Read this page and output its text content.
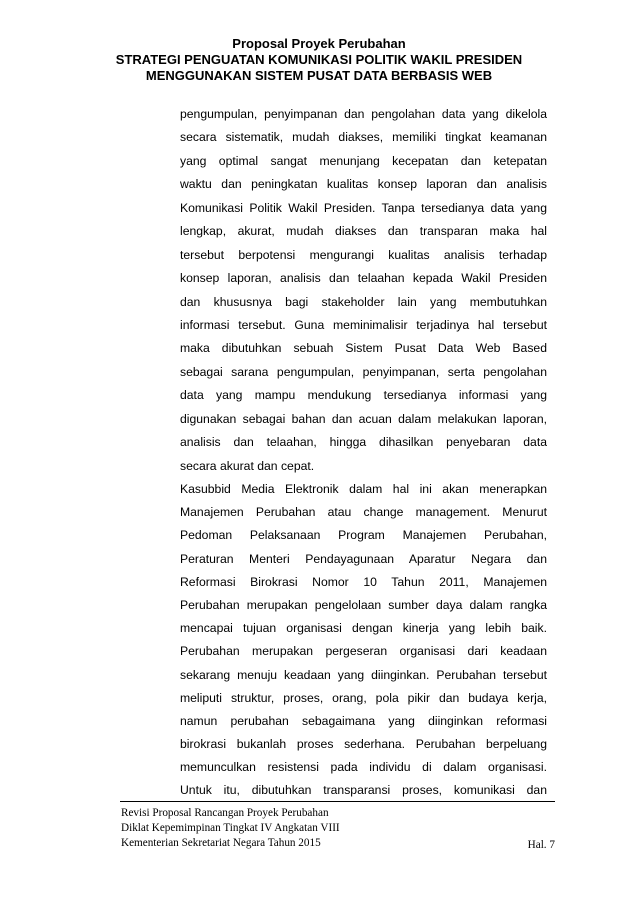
Proposal Proyek Perubahan
STRATEGI PENGUATAN KOMUNIKASI POLITIK WAKIL PRESIDEN
MENGGUNAKAN SISTEM PUSAT DATA BERBASIS WEB
pengumpulan, penyimpanan dan pengolahan data yang dikelola
secara sistematik, mudah diakses, memiliki tingkat keamanan
yang optimal sangat menunjang kecepatan dan ketepatan
waktu dan peningkatan kualitas konsep laporan dan analisis
Komunikasi Politik Wakil Presiden. Tanpa tersedianya data yang
lengkap, akurat, mudah diakses dan transparan maka hal
tersebut berpotensi mengurangi kualitas analisis terhadap
konsep laporan, analisis dan telaahan kepada Wakil Presiden
dan khususnya bagi stakeholder lain yang membutuhkan
informasi tersebut. Guna meminimalisir terjadinya hal tersebut
maka dibutuhkan sebuah Sistem Pusat Data Web Based
sebagai sarana pengumpulan, penyimpanan, serta pengolahan
data yang mampu mendukung tersedianya informasi yang
digunakan sebagai bahan dan acuan dalam melakukan laporan,
analisis dan telaahan, hingga dihasilkan penyebaran data
secara akurat dan cepat.
Kasubbid Media Elektronik dalam hal ini akan menerapkan
Manajemen Perubahan atau change management. Menurut
Pedoman Pelaksanaan Program Manajemen Perubahan,
Peraturan Menteri Pendayagunaan Aparatur Negara dan
Reformasi Birokrasi Nomor 10 Tahun 2011, Manajemen
Perubahan merupakan pengelolaan sumber daya dalam rangka
mencapai tujuan organisasi dengan kinerja yang lebih baik.
Perubahan merupakan pergeseran organisasi dari keadaan
sekarang menuju keadaan yang diinginkan. Perubahan tersebut
meliputi struktur, proses, orang, pola pikir dan budaya kerja,
namun perubahan sebagaimana yang diinginkan reformasi
birokrasi bukanlah proses sederhana. Perubahan berpeluang
memunculkan resistensi pada individu di dalam organisasi.
Untuk itu, dibutuhkan transparansi proses, komunikasi dan
Revisi Proposal Rancangan Proyek Perubahan
Diklat Kepemimpinan Tingkat IV Angkatan VIII
Kementerian Sekretariat Negara Tahun 2015	Hal. 7
